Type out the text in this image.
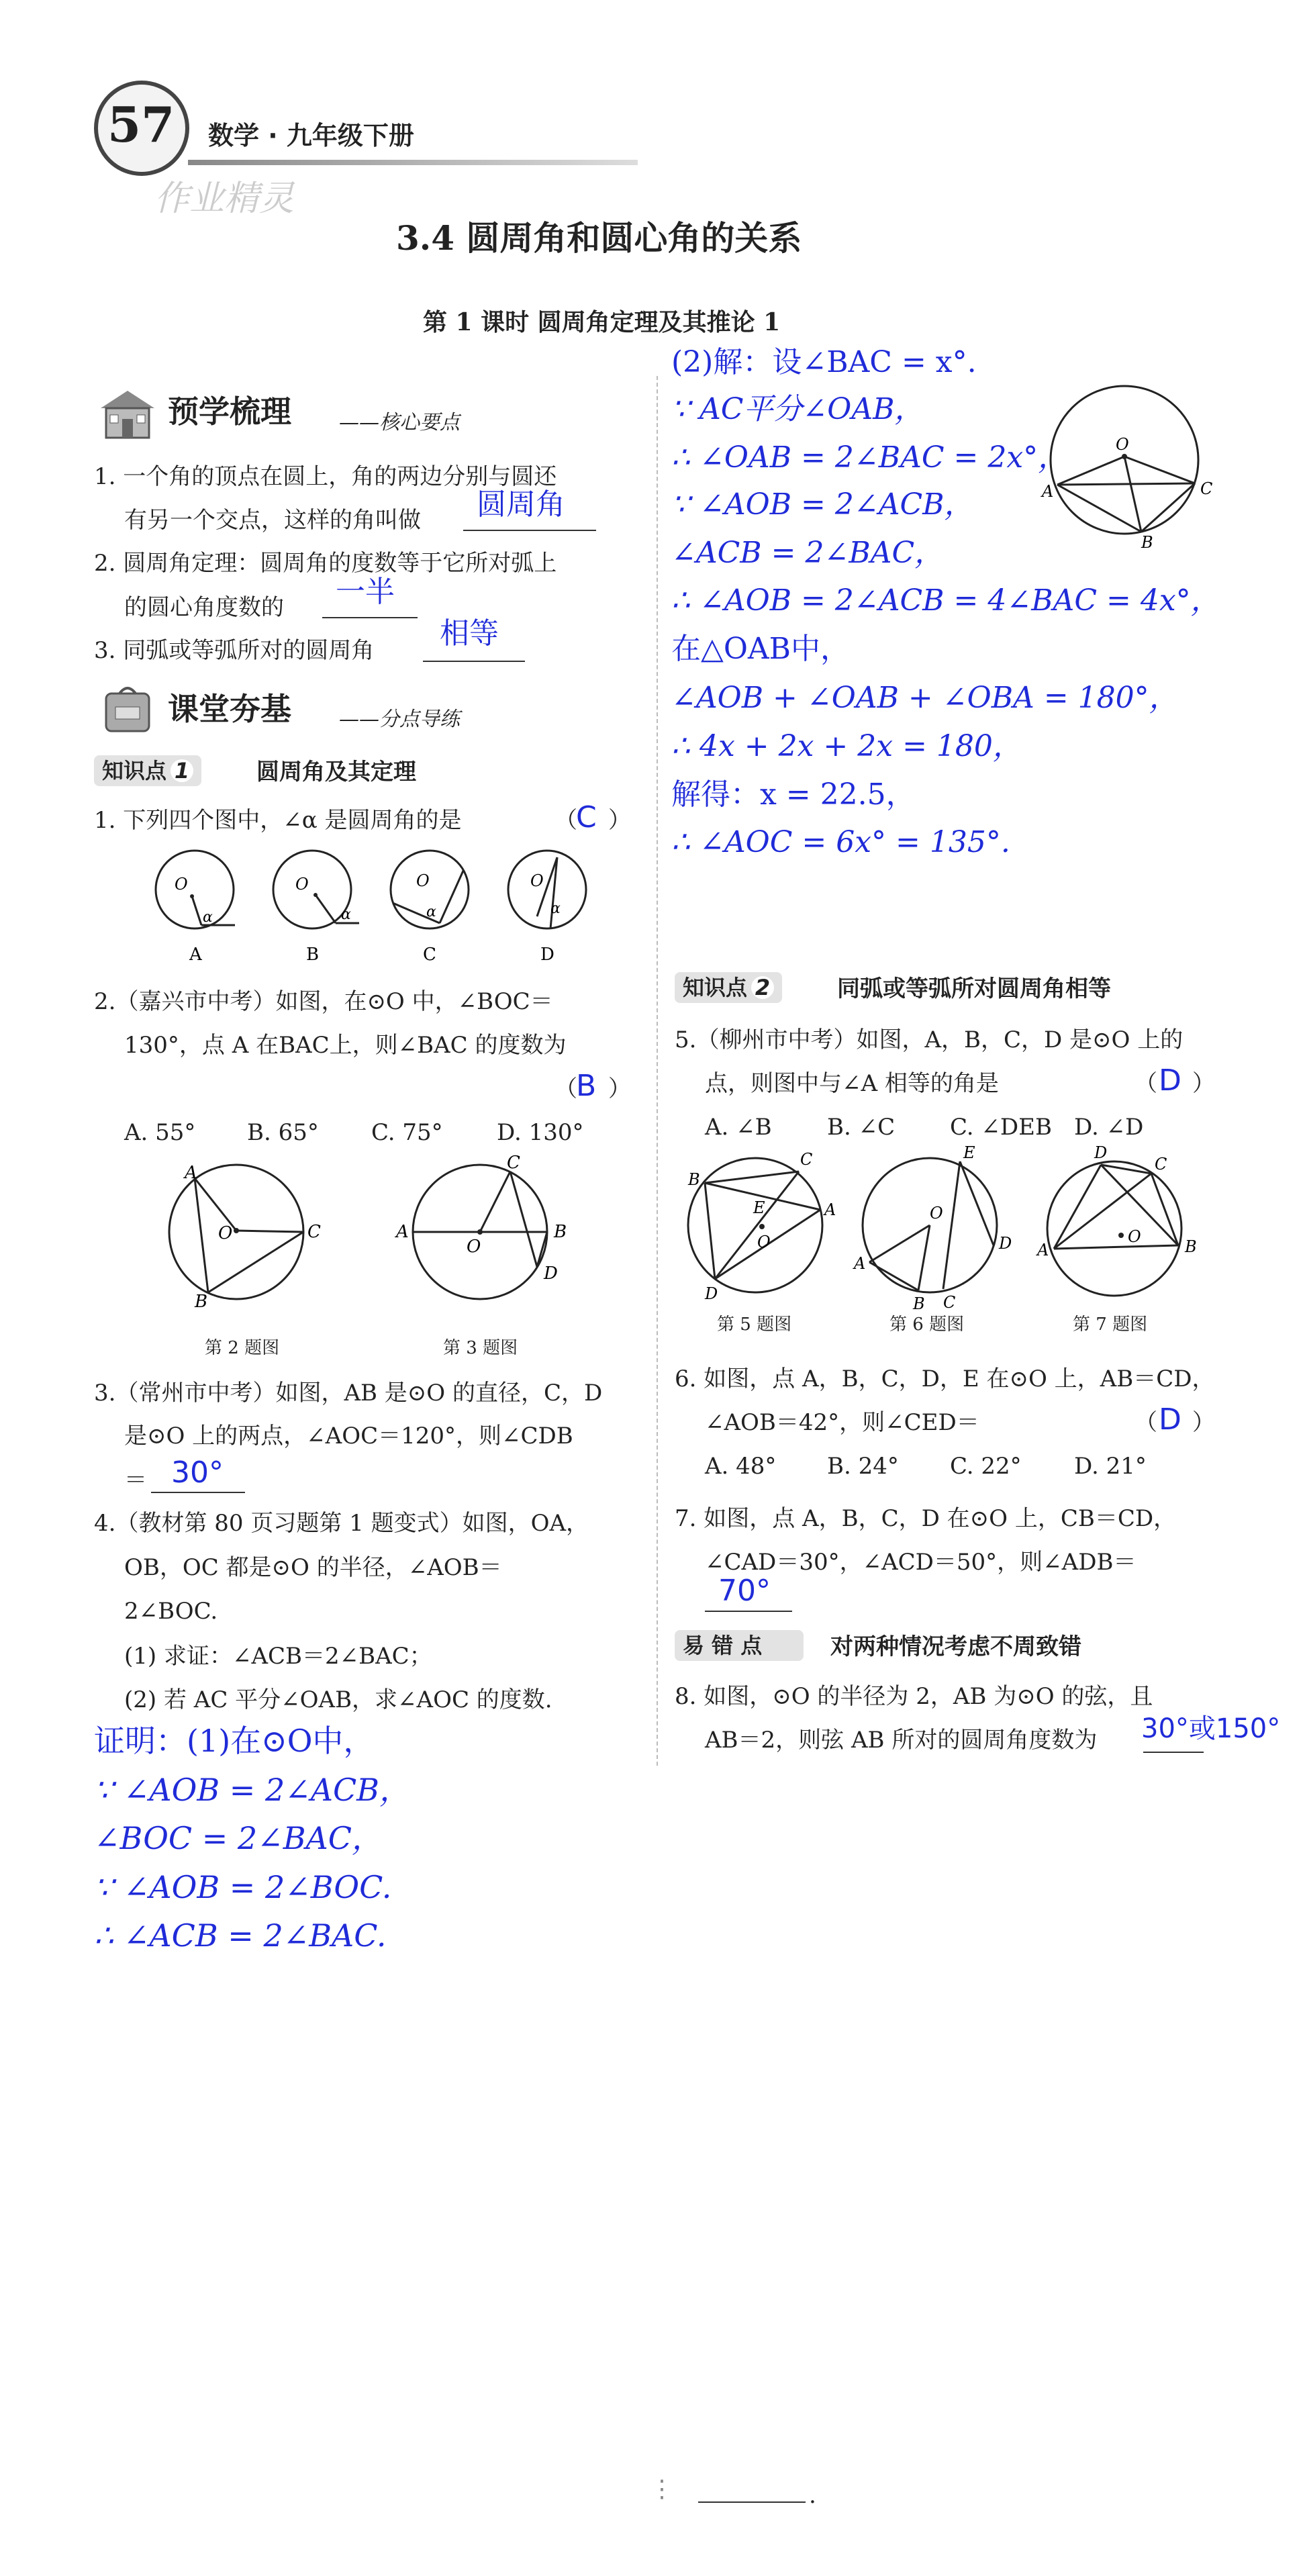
57 数学 · 九年级下册
作业精灵
3.4 圆周角和圆心角的关系
第 1 课时 圆周角定理及其推论 1
预学梳理 ——核心要点
1. 一个角的顶点在圆上，角的两边分别与圆还
有另一个交点，这样的角叫做 圆周角
2. 圆周角定理：圆周角的度数等于它所对弧上
的圆心角度数的 一半
3. 同弧或等弧所对的圆周角 相等
课堂夯基 ——分点导练
知识点 1	圆周角及其定理
1. 下列四个图中，∠α 是圆周角的是	（
C ）
O
α
A
O
α
B
O
α
C
O
α
D
2.（嘉兴市中考）如图，在⊙O 中，∠BOC＝
130°，点 A 在BAC上，则∠BAC 的度数为
（
B ）
A. 55° B. 65° C. 75° D. 130°
A
O	C
B
A
O
B
C
D
第 2 题图	第 3 题图
3.（常州市中考）如图，AB 是⊙O 的直径，C，D
是⊙O 上的两点，∠AOC＝120°，则∠CDB
＝ 30°
4.（教材第 80 页习题第 1 题变式）如图，OA，
OB，OC 都是⊙O 的半径，∠AOB＝
2∠BOC.
(1) 求证：∠ACB＝2∠BAC；
(2) 若 AC 平分∠OAB，求∠AOC 的度数.
证明：(1)在⊙O中，
∵ ∠AOB = 2∠ACB，
∠BOC = 2∠BAC，
∵ ∠AOB = 2∠BOC.
∴ ∠ACB = 2∠BAC.
(2)解：设∠BAC = x°.
∵ AC平分∠OAB，
∴ ∠OAB = 2∠BAC = 2x°，
∵ ∠AOB = 2∠ACB，
∠ACB = 2∠BAC，
∴ ∠AOB = 2∠ACB = 4∠BAC = 4x°，
在△OAB中，
∠AOB + ∠OAB + ∠OBA = 180°，
∴ 4x + 2x + 2x = 180，
解得：x = 22.5，
∴ ∠AOC = 6x° = 135°.
A
O
C
B
知识点 2	同弧或等弧所对圆周角相等
5.（柳州市中考）如图，A，B，C，D 是⊙O 上的
点，则图中与∠A 相等的角是	（ D ）
A. ∠B B. ∠C C. ∠DEB D. ∠D
B
C
A
D
E
O
A
B C
D
E
O
A
D
C
B
O
第 5 题图	第 6 题图	第 7 题图
6. 如图，点 A，B，C，D，E 在⊙O 上，AB＝CD，
∠AOB＝42°，则∠CED＝	（ D ）
A. 48° B. 24° C. 22° D. 21°
7. 如图，点 A，B，C，D 在⊙O 上，CB＝CD，
∠CAD＝30°，∠ACD＝50°，则∠ADB＝
70°
易 错 点	对两种情况考虑不周致错
8. 如图，⊙O 的半径为 2，AB 为⊙O 的弦，且
AB＝2，则弦 AB 所对的圆周角度数为 30°或150°
⋮	.
